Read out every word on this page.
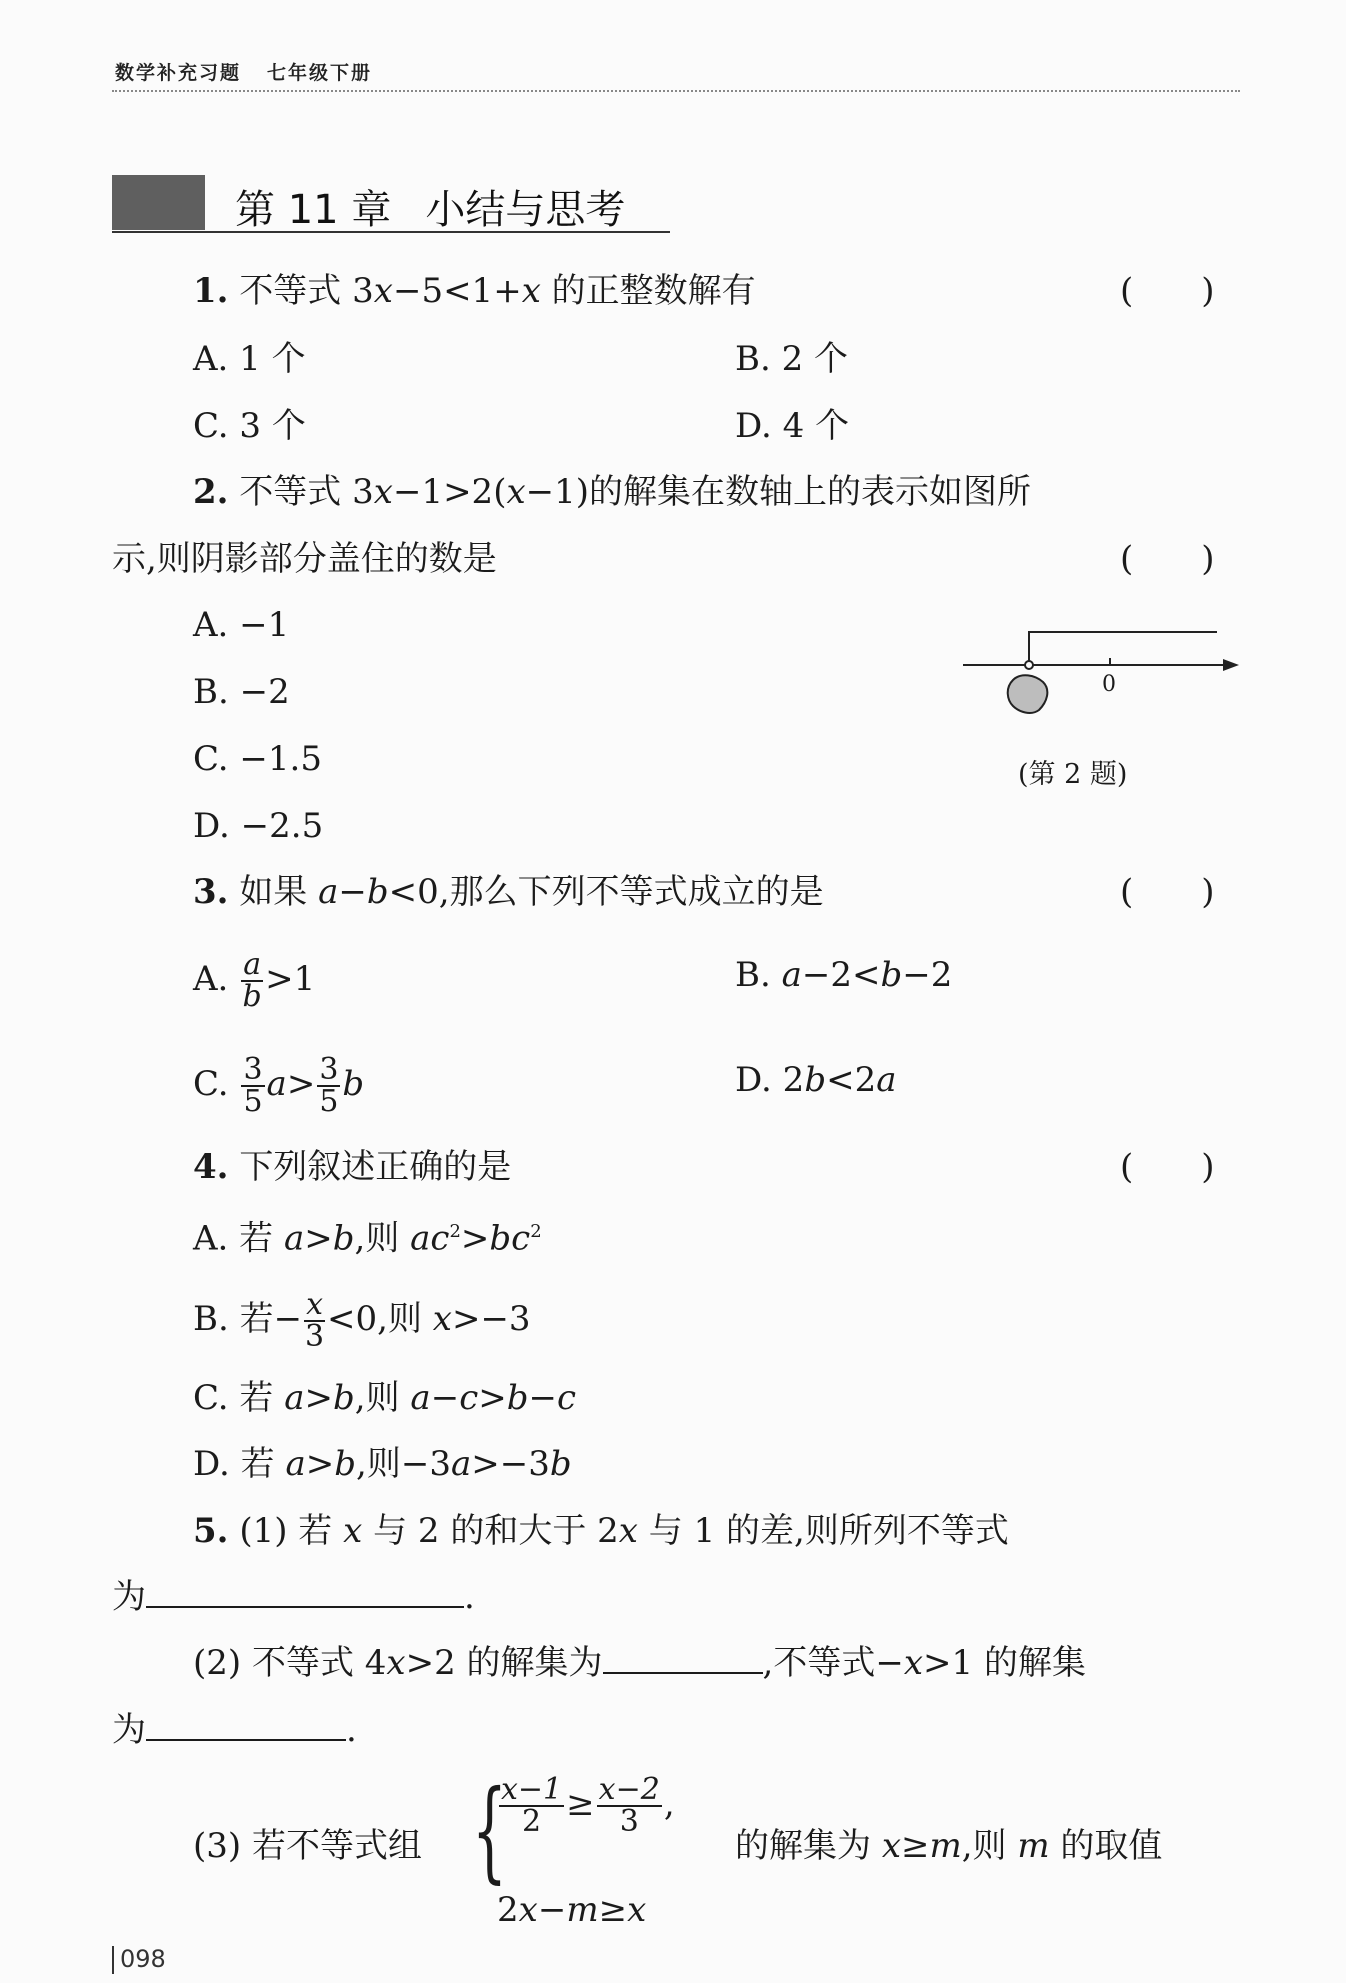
数学补充习题 七年级下册
第 11 章 小结与思考
1. 不等式 3x−5<1+x 的正整数解有	(　　)
A. 1 个	B. 2 个
C. 3 个	D. 4 个
2. 不等式 3x−1>2(x−1)的解集在数轴上的表示如图所
示,则阴影部分盖住的数是	(　　)
A. −1
B. −2
C. −1.5
D. −2.5
0
(第 2 题)
3. 如果 a−b<0,那么下列不等式成立的是	(　　)
A. $\frac{a}{b} >1$	B. a−2<b−2
C. $\frac{3}{5} a> \frac{3}{5}$ b	D. 2b<2a
4. 下列叙述正确的是	(　　)
A. 若 a>b,则 $ac^2>bc^2$
B. 若− $\frac{x}{3} <0$,则 x>−3
C. 若 a>b,则 a−c>b−c
D. 若 a>b,则−3a>−3b
5. (1) 若 x 与 2 的和大于 2x 与 1 的差,则所列不等式
为	.
(2) 不等式 4x>2 的解集为	,不等式−x>1 的解集
为	.
(3) 若不等式组 {
$\frac{x-1}{2} \ge \frac{x-2}{3}$ ,
2x−m≥x
的解集为 x≥m,则 m 的取值
098
